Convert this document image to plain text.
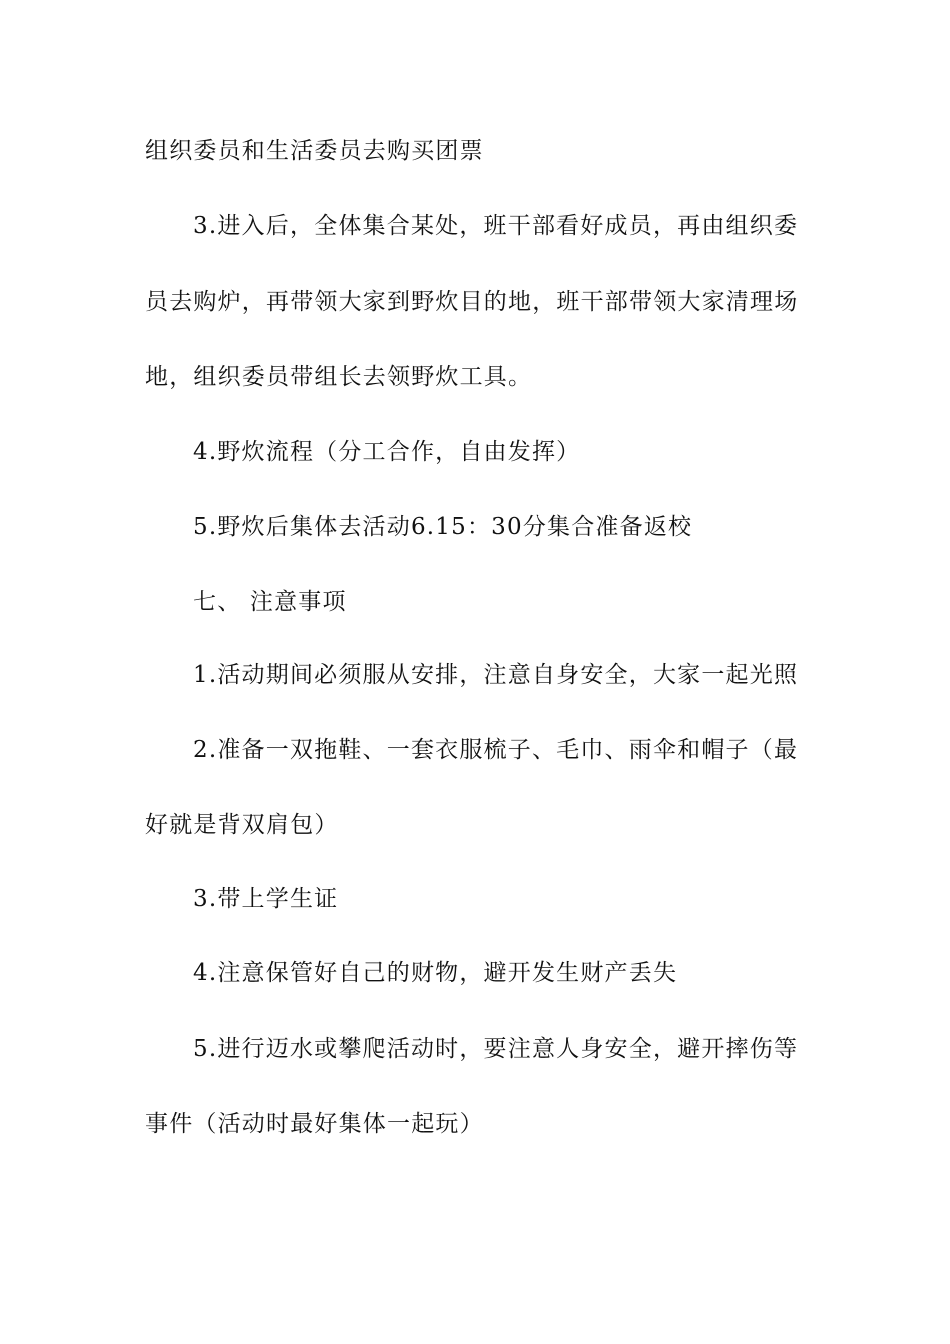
组织委员和生活委员去购买团票
3.进入后，全体集合某处，班干部看好成员，再由组织委
员去购炉，再带领大家到野炊目的地，班干部带领大家清理场
地，组织委员带组长去领野炊工具。
4.野炊流程（分工合作，自由发挥）
5.野炊后集体去活动6.15：30分集合准备返校
七、 注意事项
1.活动期间必须服从安排，注意自身安全，大家一起光照
2.准备一双拖鞋、一套衣服梳子、毛巾、雨伞和帽子（最
好就是背双肩包）
3.带上学生证
4.注意保管好自己的财物，避开发生财产丢失
5.进行迈水或攀爬活动时，要注意人身安全，避开摔伤等
事件（活动时最好集体一起玩）
